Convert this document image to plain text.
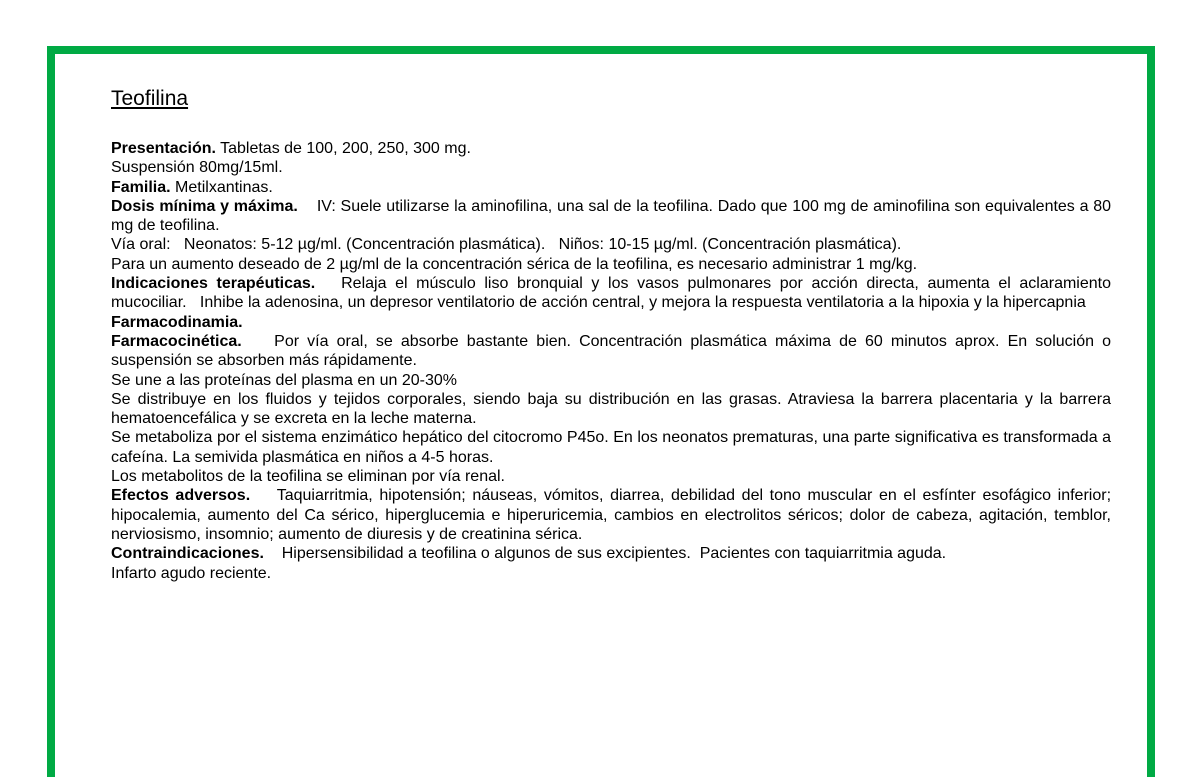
Teofilina

Presentación. Tabletas de 100, 200, 250, 300 mg.

Suspensión 80mg/15ml.

Familia. Metilxantinas.

Dosis mínima y máxima. IV: Suele utilizarse la aminofilina, una sal de la teofilina. Dado que 100 mg de aminofilina son equivalentes a 80 mg de teofilina.

Vía oral:   Neonatos: 5-12 µg/ml. (Concentración plasmática).   Niños: 10-15 µg/ml. (Concentración plasmática).

Para un aumento deseado de 2 µg/ml de la concentración sérica de la teofilina, es necesario administrar 1 mg/kg.

Indicaciones terapéuticas. Relaja el músculo liso bronquial y los vasos pulmonares por acción directa, aumenta el aclaramiento mucociliar.   Inhibe la adenosina, un depresor ventilatorio de acción central, y mejora la respuesta ventilatoria a la hipoxia y la hipercapnia

Farmacodinamia.

Farmacocinética. Por vía oral, se absorbe bastante bien. Concentración plasmática máxima de 60 minutos aprox. En solución o suspensión se absorben más rápidamente.

Se une a las proteínas del plasma en un 20-30%

Se distribuye en los fluidos y tejidos corporales, siendo baja su distribución en las grasas. Atraviesa la barrera placentaria y la barrera hematoencefálica y se excreta en la leche materna.

Se metaboliza por el sistema enzimático hepático del citocromo P45o. En los neonatos prematuras, una parte significativa es transformada a cafeína. La semivida plasmática en niños a 4-5 horas.

Los metabolitos de la teofilina se eliminan por vía renal.

Efectos adversos. Taquiarritmia, hipotensión; náuseas, vómitos, diarrea, debilidad del tono muscular en el esfínter esofágico inferior; hipocalemia, aumento del Ca sérico, hiperglucemia e hiperuricemia, cambios en electrolitos séricos; dolor de cabeza, agitación, temblor, nerviosismo, insomnio; aumento de diuresis y de creatinina sérica.

Contraindicaciones. Hipersensibilidad a teofilina o algunos de sus excipientes.  Pacientes con taquiarritmia aguda.

Infarto agudo reciente.
